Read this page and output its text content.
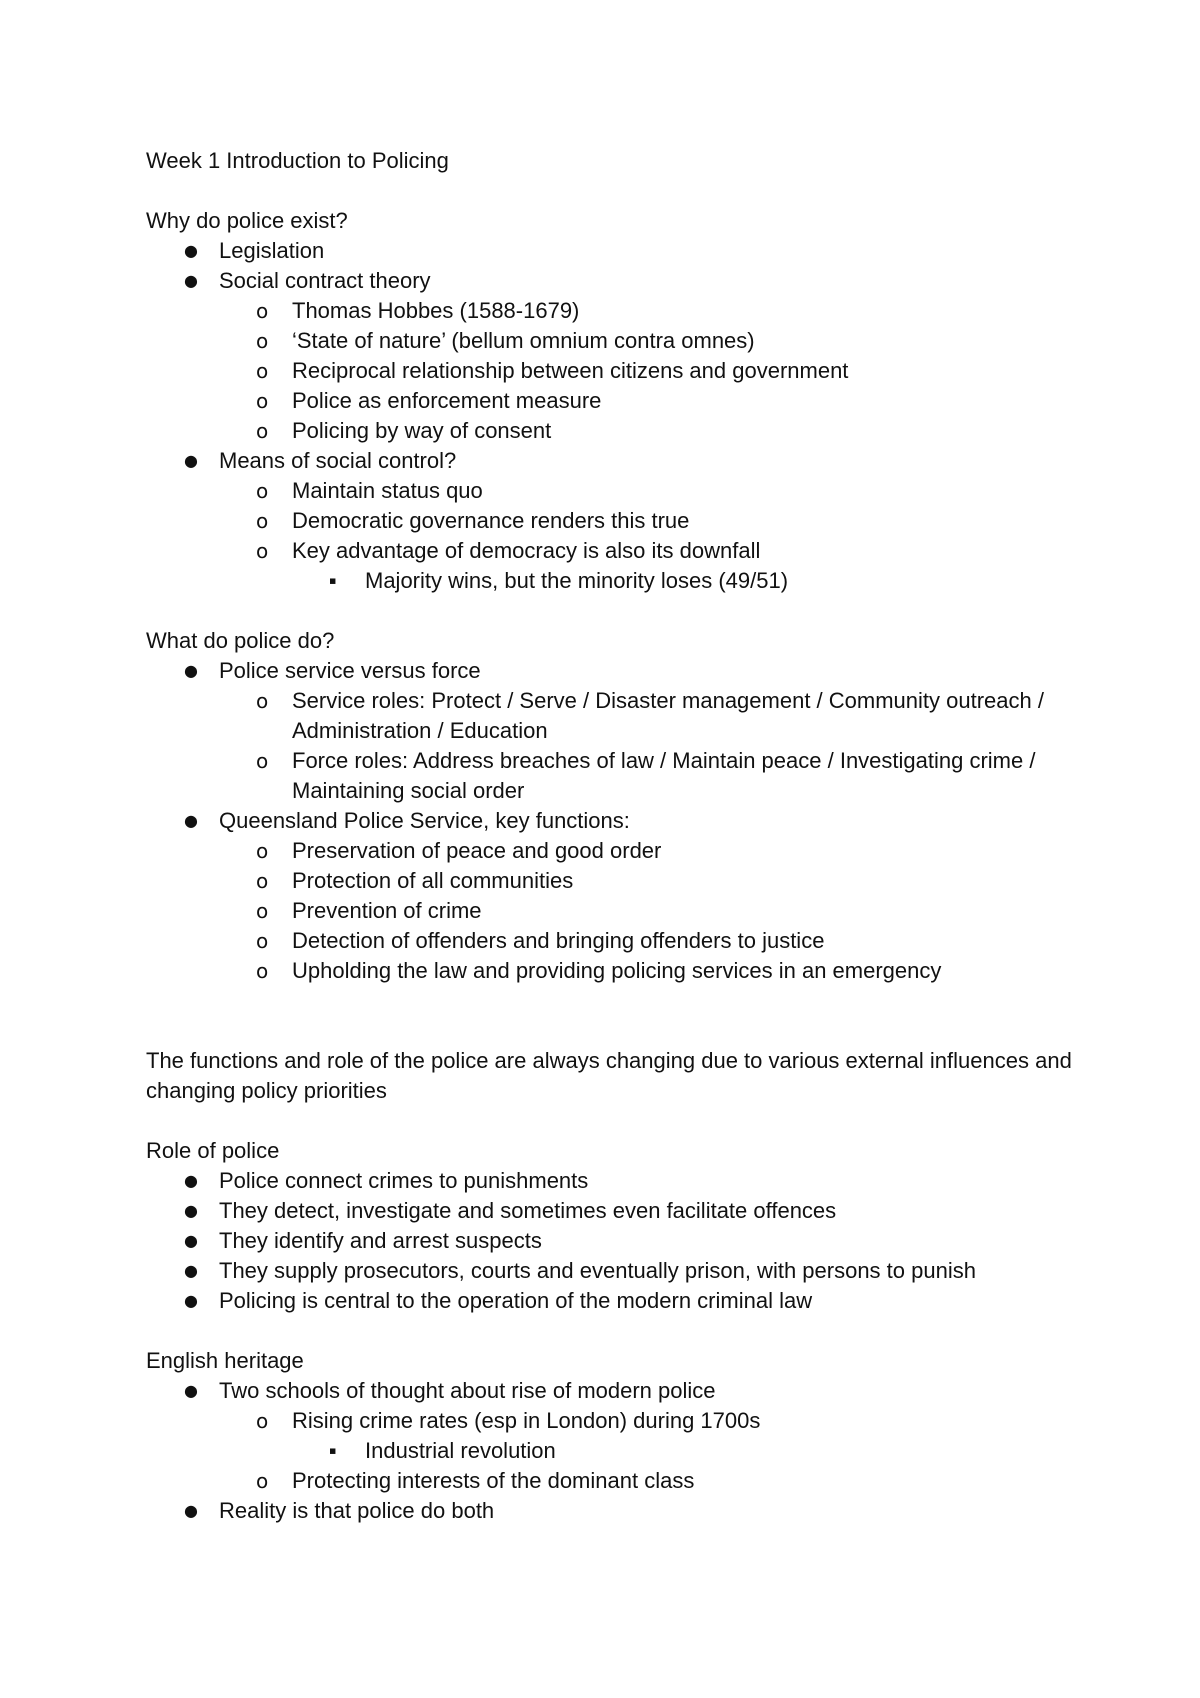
Week 1 Introduction to Policing

Why do police exist?

● Legislation
● Social contract theory
o Thomas Hobbes (1588-1679)
o ‘State of nature’ (bellum omnium contra omnes)
o Reciprocal relationship between citizens and government
o Police as enforcement measure
o Policing by way of consent
● Means of social control?
o Maintain status quo
o Democratic governance renders this true
o Key advantage of democracy is also its downfall
▪ Majority wins, but the minority loses (49/51)

What do police do?

● Police service versus force
o Service roles: Protect / Serve / Disaster management / Community outreach / Administration / Education
o Force roles: Address breaches of law / Maintain peace / Investigating crime / Maintaining social order
● Queensland Police Service, key functions:
o Preservation of peace and good order
o Protection of all communities
o Prevention of crime
o Detection of offenders and bringing offenders to justice
o Upholding the law and providing policing services in an emergency

The functions and role of the police are always changing due to various external influences and changing policy priorities

Role of police

● Police connect crimes to punishments
● They detect, investigate and sometimes even facilitate offences
● They identify and arrest suspects
● They supply prosecutors, courts and eventually prison, with persons to punish
● Policing is central to the operation of the modern criminal law

English heritage

● Two schools of thought about rise of modern police
o Rising crime rates (esp in London) during 1700s
▪ Industrial revolution
o Protecting interests of the dominant class
● Reality is that police do both
